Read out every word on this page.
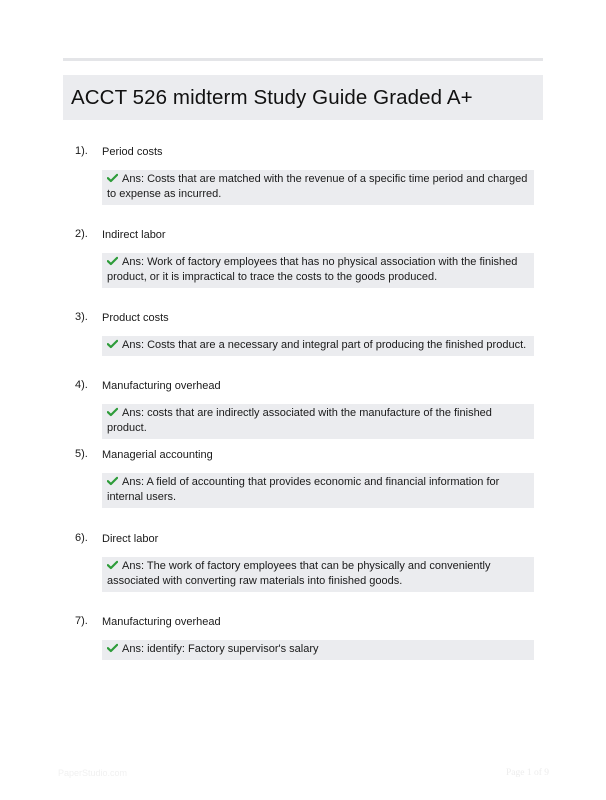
ACCT 526 midterm Study Guide Graded A+
1). Period costs
Ans: Costs that are matched with the revenue of a specific time period and charged to expense as incurred.
2). Indirect labor
Ans: Work of factory employees that has no physical association with the finished product, or it is impractical to trace the costs to the goods produced.
3). Product costs
Ans: Costs that are a necessary and integral part of producing the finished product.
4). Manufacturing overhead
Ans: costs that are indirectly associated with the manufacture of the finished product.
5). Managerial accounting
Ans: A field of accounting that provides economic and financial information for internal users.
6). Direct labor
Ans: The work of factory employees that can be physically and conveniently associated with converting raw materials into finished goods.
7). Manufacturing overhead
Ans: identify: Factory supervisor's salary
PaperStudio.com	Page 1 of 9
